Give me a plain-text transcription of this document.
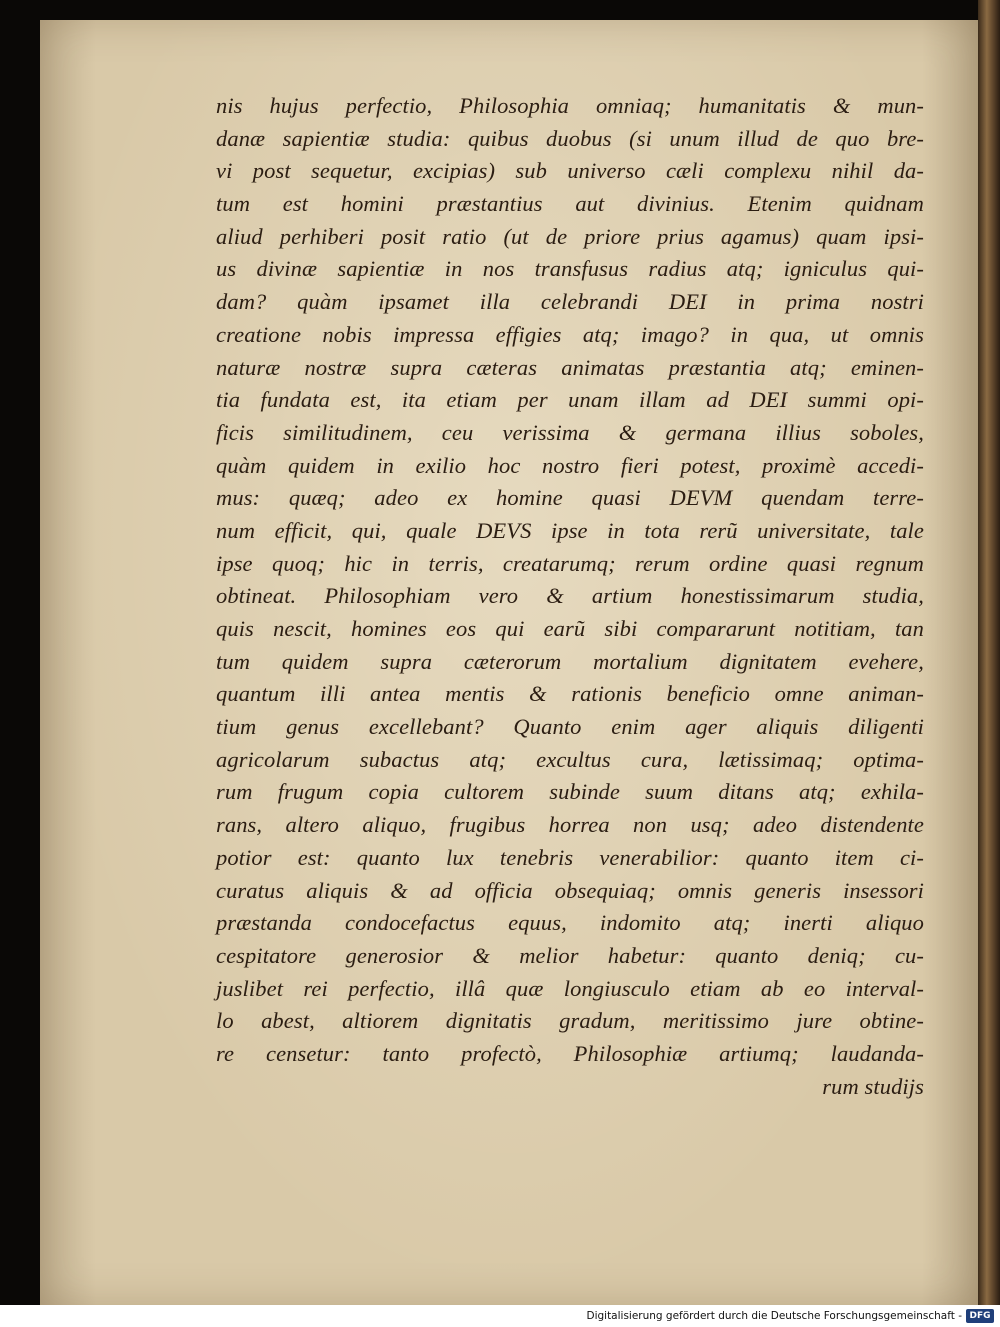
nis hujus perfectio, Philosophia omniaq; humanitatis & mun-
danæ sapientiæ studia: quibus duobus (si unum illud de quo bre-
vi post sequetur, excipias) sub universo cæli complexu nihil da-
tum est homini præstantius aut divinius. Etenim quidnam
aliud perhiberi posit ratio (ut de priore prius agamus) quam ipsi-
us divinæ sapientiæ in nos transfusus radius atq; igniculus qui-
dam? quàm ipsamet illa celebrandi DEI in prima nostri
creatione nobis impressa effigies atq; imago? in qua, ut omnis
naturæ nostræ supra cæteras animatas præstantia atq; eminen-
tia fundata est, ita etiam per unam illam ad DEI summi opi-
ficis similitudinem, ceu verissima & germana illius soboles,
quàm quidem in exilio hoc nostro fieri potest, proximè accedi-
mus: quæq; adeo ex homine quasi DEVM quendam terre-
num efficit, qui, quale DEVS ipse in tota rerũ universitate, tale
ipse quoq; hic in terris, creatarumq; rerum ordine quasi regnum
obtineat. Philosophiam vero & artium honestissimarum studia,
quis nescit, homines eos qui earũ sibi compararunt notitiam, tan
tum quidem supra cæterorum mortalium dignitatem evehere,
quantum illi antea mentis & rationis beneficio omne animan-
tium genus excellebant? Quanto enim ager aliquis diligenti
agricolarum subactus atq; excultus cura, lætissimaq; optima-
rum frugum copia cultorem subinde suum ditans atq; exhila-
rans, altero aliquo, frugibus horrea non usq; adeo distendente
potior est: quanto lux tenebris venerabilior: quanto item ci-
curatus aliquis & ad officia obsequiaq; omnis generis insessori
præstanda condocefactus equus, indomito atq; inerti aliquo
cespitatore generosior & melior habetur: quanto deniq; cu-
juslibet rei perfectio, illâ quæ longiusculo etiam ab eo interval-
lo abest, altiorem dignitatis gradum, meritissimo jure obtine-
re censetur: tanto profectò, Philosophiæ artiumq; laudanda-
rum studijs
Digitalisierung gefördert durch die Deutsche Forschungsgemeinschaft - DFG
